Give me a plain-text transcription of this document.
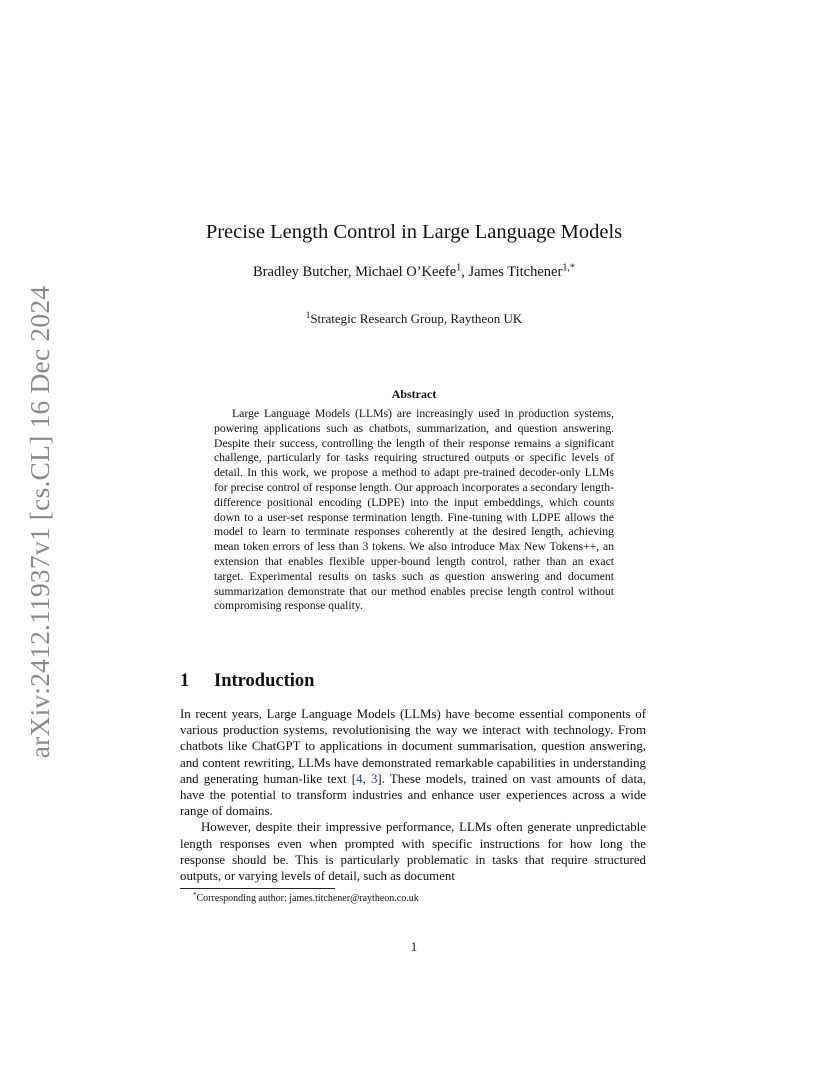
arXiv:2412.11937v1 [cs.CL] 16 Dec 2024
Precise Length Control in Large Language Models
Bradley Butcher, Michael O’Keefe$^1$, James Titchener$^{1,*}$
$^1$Strategic Research Group, Raytheon UK
Abstract
Large Language Models (LLMs) are increasingly used in production systems, powering applications such as chatbots, summarization, and question answering. Despite their success, controlling the length of their response remains a significant challenge, particularly for tasks requiring structured outputs or specific levels of detail. In this work, we propose a method to adapt pre-trained decoder-only LLMs for precise control of response length. Our approach incorporates a secondary length-difference positional encoding (LDPE) into the input embeddings, which counts down to a user-set response termination length. Fine-tuning with LDPE allows the model to learn to terminate responses coherently at the desired length, achieving mean token errors of less than 3 tokens. We also introduce Max New Tokens++, an extension that enables flexible upper-bound length control, rather than an exact target. Experimental results on tasks such as question answering and document summarization demonstrate that our method enables precise length control without compromising response quality.
1 Introduction

In recent years, Large Language Models (LLMs) have become essential components of various production systems, revolutionising the way we interact with technology. From chatbots like ChatGPT to applications in document summarisation, question answering, and content rewriting, LLMs have demonstrated remarkable capabilities in understanding and generating human-like text [4, 3]. These models, trained on vast amounts of data, have the potential to transform industries and enhance user experiences across a wide range of domains.

However, despite their impressive performance, LLMs often generate unpredictable length responses even when prompted with specific instructions for how long the response should be. This is particularly problematic in tasks that require structured outputs, or varying levels of detail, such as document

*Corresponding author: james.titchener@raytheon.co.uk
1
